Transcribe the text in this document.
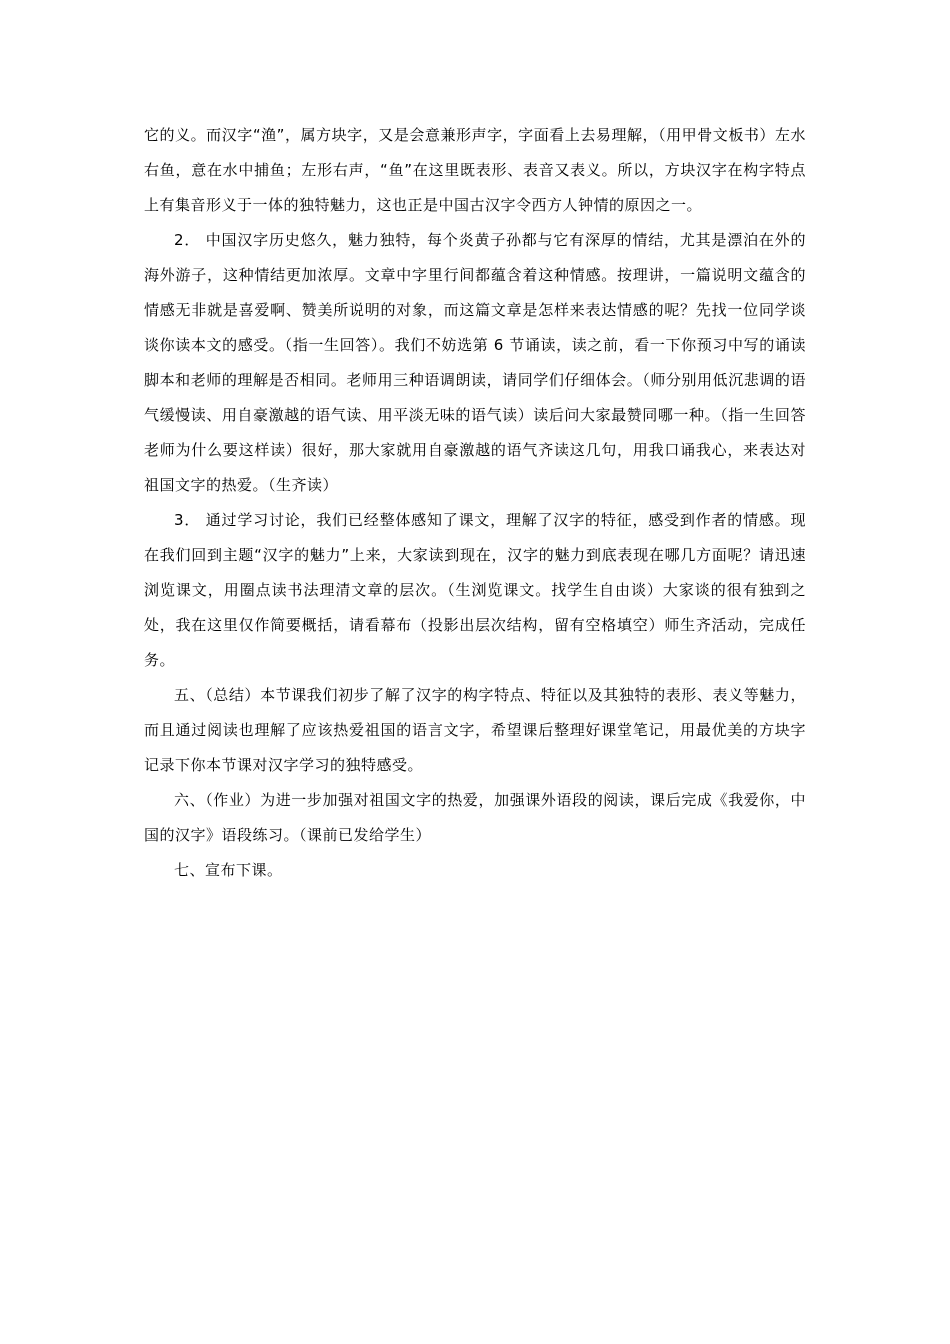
它的义。而汉字“渔”，属方块字，又是会意兼形声字，字面看上去易理解，（用甲骨文板书）左水右鱼，意在水中捕鱼；左形右声，“鱼”在这里既表形、表音又表义。所以，方块汉字在构字特点上有集音形义于一体的独特魅力，这也正是中国古汉字令西方人钟情的原因之一。

2． 中国汉字历史悠久，魅力独特，每个炎黄子孙都与它有深厚的情结，尤其是漂泊在外的海外游子，这种情结更加浓厚。文章中字里行间都蕴含着这种情感。按理讲，一篇说明文蕴含的情感无非就是喜爱啊、赞美所说明的对象，而这篇文章是怎样来表达情感的呢？先找一位同学谈谈你读本文的感受。（指一生回答）。我们不妨选第 6 节诵读，读之前，看一下你预习中写的诵读脚本和老师的理解是否相同。老师用三种语调朗读，请同学们仔细体会。（师分别用低沉悲调的语气缓慢读、用自豪激越的语气读、用平淡无味的语气读）读后问大家最赞同哪一种。（指一生回答老师为什么要这样读）很好，那大家就用自豪激越的语气齐读这几句，用我口诵我心，来表达对祖国文字的热爱。（生齐读）

3． 通过学习讨论，我们已经整体感知了课文，理解了汉字的特征，感受到作者的情感。现在我们回到主题“汉字的魅力”上来，大家读到现在，汉字的魅力到底表现在哪几方面呢？请迅速浏览课文，用圈点读书法理清文章的层次。（生浏览课文。找学生自由谈）大家谈的很有独到之处，我在这里仅作简要概括，请看幕布（投影出层次结构，留有空格填空）师生齐活动，完成任务。

五、（总结）本节课我们初步了解了汉字的构字特点、特征以及其独特的表形、表义等魅力，而且通过阅读也理解了应该热爱祖国的语言文字，希望课后整理好课堂笔记，用最优美的方块字记录下你本节课对汉字学习的独特感受。

六、（作业）为进一步加强对祖国文字的热爱，加强课外语段的阅读，课后完成《我爱你，中国的汉字》语段练习。（课前已发给学生）

七、宣布下课。
